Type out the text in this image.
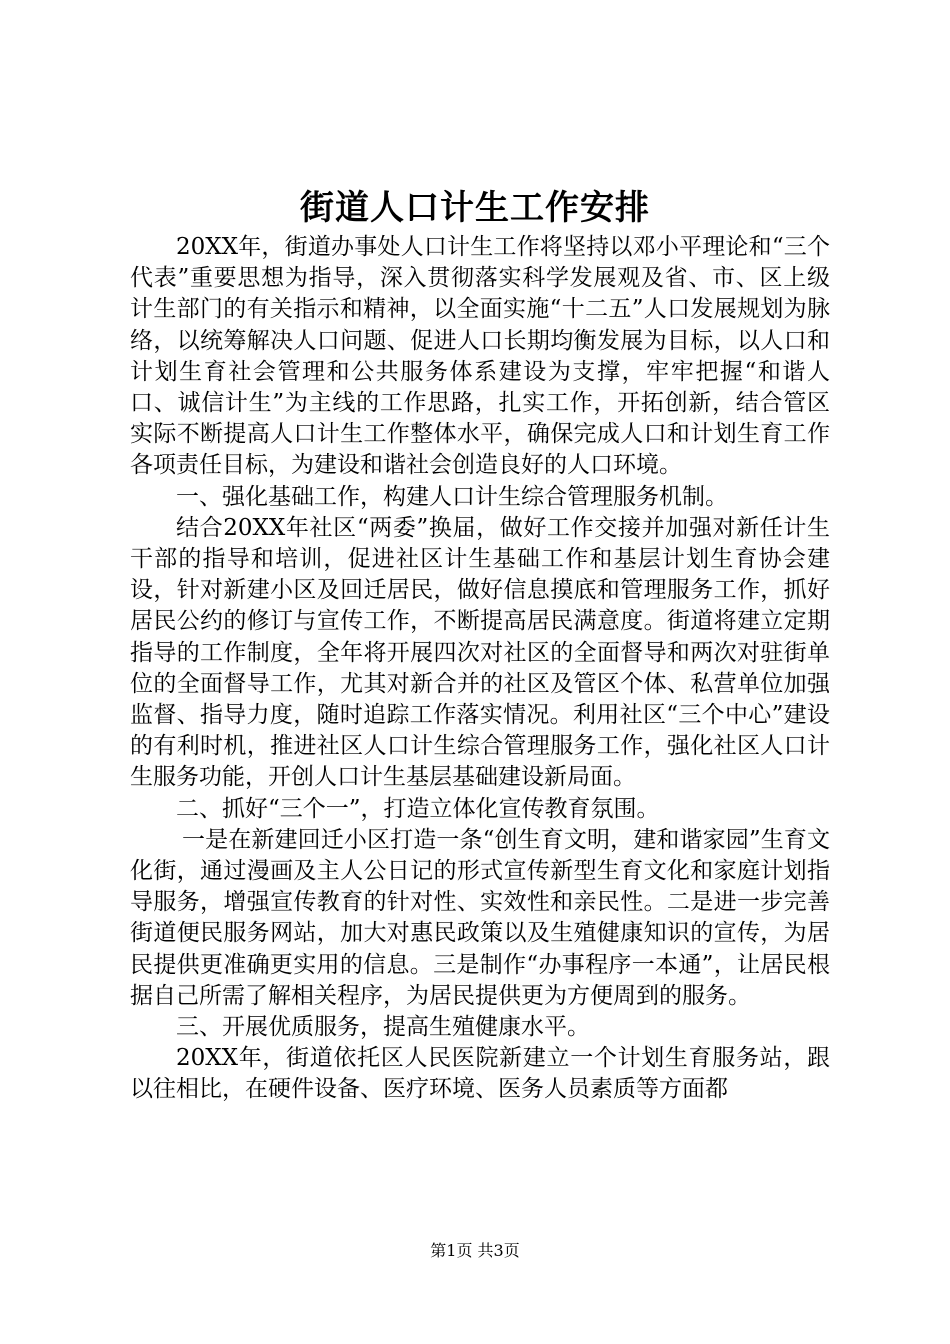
街道人口计生工作安排

20XX年，街道办事处人口计生工作将坚持以邓小平理论和“三个代表”重要思想为指导，深入贯彻落实科学发展观及省、市、区上级计生部门的有关指示和精神，以全面实施“十二五”人口发展规划为脉络，以统筹解决人口问题、促进人口长期均衡发展为目标，以人口和计划生育社会管理和公共服务体系建设为支撑，牢牢把握“和谐人口、诚信计生”为主线的工作思路，扎实工作，开拓创新，结合管区实际不断提高人口计生工作整体水平，确保完成人口和计划生育工作各项责任目标，为建设和谐社会创造良好的人口环境。

一、强化基础工作，构建人口计生综合管理服务机制。

结合20XX年社区“两委”换届，做好工作交接并加强对新任计生干部的指导和培训，促进社区计生基础工作和基层计划生育协会建设，针对新建小区及回迁居民，做好信息摸底和管理服务工作，抓好居民公约的修订与宣传工作，不断提高居民满意度。街道将建立定期指导的工作制度，全年将开展四次对社区的全面督导和两次对驻街单位的全面督导工作，尤其对新合并的社区及管区个体、私营单位加强监督、指导力度，随时追踪工作落实情况。利用社区“三个中心”建设的有利时机，推进社区人口计生综合管理服务工作，强化社区人口计生服务功能，开创人口计生基层基础建设新局面。

二、抓好“三个一”，打造立体化宣传教育氛围。

一是在新建回迁小区打造一条“创生育文明，建和谐家园”生育文化街，通过漫画及主人公日记的形式宣传新型生育文化和家庭计划指导服务，增强宣传教育的针对性、实效性和亲民性。二是进一步完善街道便民服务网站，加大对惠民政策以及生殖健康知识的宣传，为居民提供更准确更实用的信息。三是制作“办事程序一本通”，让居民根据自己所需了解相关程序，为居民提供更为方便周到的服务。

三、开展优质服务，提高生殖健康水平。

20XX年，街道依托区人民医院新建立一个计划生育服务站，跟以往相比，在硬件设备、医疗环境、医务人员素质等方面都

第1页 共3页
